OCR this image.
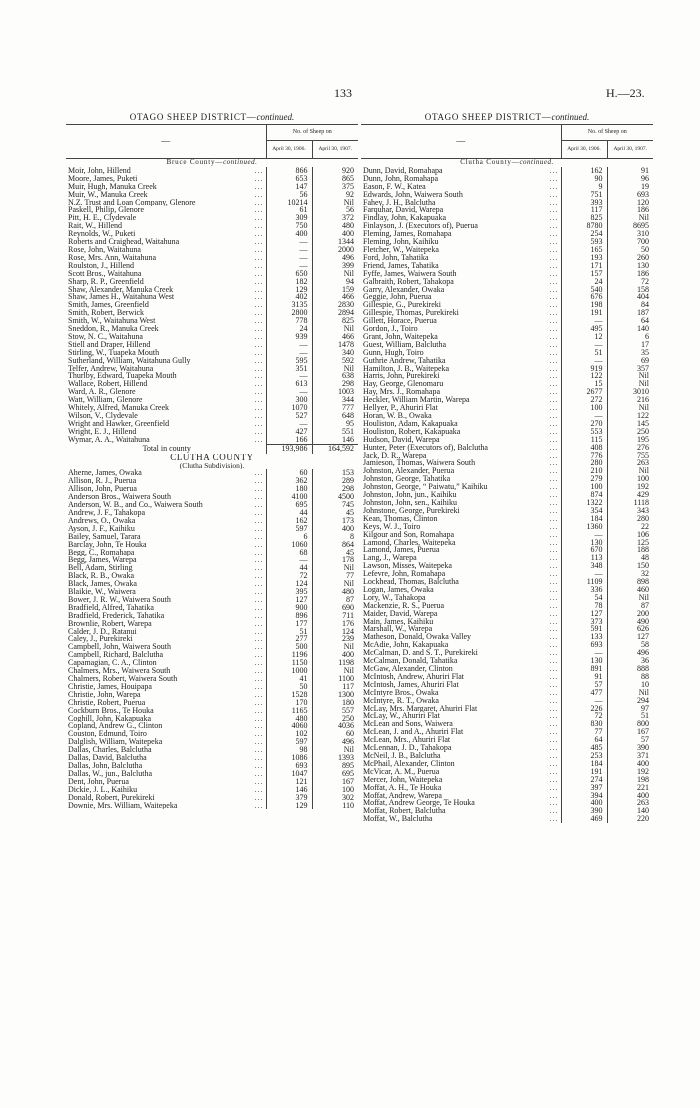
133	H.—23.
OTAGO SHEEP DISTRICT—continued.
—	No. of Sheep on	
	April 30, 1906.	April 30, 1907.
Bruce County—continued.		
Moir, John, Hillend ...	866	920
Moore, James, Puketi ...	653	865
Muir, Hugh, Manuka Creek ...	147	375
Muir, W., Manuka Creek ...	56	92
N.Z. Trust and Loan Company, Glenore ...	10214	Nil
Paskell, Philip, Glenore ...	61	56
Pitt, H. E., Clydevale ...	309	372
Rait, W., Hillend ...	750	480
Reynolds, W., Puketi ...	400	400
Roberts and Craighead, Waitahuna ...	—	1344
Rose, John, Waitahuna ...	—	2000
Rose, Mrs. Ann, Waitahuna ...	—	496
Roulston, J., Hillend ...	—	399
Scott Bros., Waitahuna ...	650	Nil
Sharp, R. P., Greenfield ...	182	94
Shaw, Alexander, Manuka Creek ...	129	159
Shaw, James H., Waitahuna West ...	402	466
Smith, James, Greenfield ...	3135	2830
Smith, Robert, Berwick ...	2800	2894
Smith, W., Waitahuna West ...	778	825
Sneddon, R., Manuka Creek ...	24	Nil
Stow, N. C., Waitahuna ...	939	466
Stiell and Draper, Hillend ...	—	1478
Stirling, W., Tuapeka Mouth ...	—	340
Sutherland, William, Waitahuna Gully ...	595	592
Telfer, Andrew, Waitahuna ...	351	Nil
Thurlby, Edward, Tuapeka Mouth ...	—	638
Wallace, Robert, Hillend ...	613	298
Ward, A. R., Glenore ...	—	1003
Watt, William, Glenore ...	300	344
Whitely, Alfred, Manuka Creek ...	1070	777
Wilson, V., Clydevale ...	527	648
Wright and Hawker, Greenfield ...	—	95
Wright, E. J., Hillend ...	427	551
Wymar, A. A., Waitahuna ...	166	146
Total in county	193,986	164,592
CLUTHA COUNTY		
(Clutha Subdivision).		
Aherne, James, Owaka ...	60	153
Allison, R. J., Puerua ...	362	289
Allison, John, Puerua ...	180	298
Anderson Bros., Waiwera South ...	4100	4500
Anderson, W. B., and Co., Waiwera South ...	695	745
Andrew, J. F., Tahakopa ...	44	45
Andrews, O., Owaka ...	162	173
Ayson, J. F., Kaihiku ...	597	400
Bailey, Samuel, Tarara ...	6	8
Barclay, John, Te Houka ...	1060	864
Begg, C., Romahapa ...	68	45
Begg, James, Warepa ...	—	178
Bell, Adam, Stirling ...	44	Nil
Black, R. B., Owaka ...	72	77
Black, James, Owaka ...	124	Nil
Blaikie, W., Waiwera ...	395	480
Bower, J. R. W., Waiwera South ...	127	87
Bradfield, Alfred, Tahatika ...	900	690
Bradfield, Frederick, Tahatika ...	896	711
Brownlie, Robert, Warepa ...	177	176
Calder, J. D., Ratanui ...	51	124
Caley, J., Purekireki ...	277	239
Campbell, John, Waiwera South ...	500	Nil
Campbell, Richard, Balclutha ...	1196	400
Capamagian, C. A., Clinton ...	1150	1198
Chalmers, Mrs., Waiwera South ...	1000	Nil
Chalmers, Robert, Waiwera South ...	41	1100
Christie, James, Houipapa ...	50	117
Christie, John, Warepa ...	1528	1300
Christie, Robert, Puerua ...	170	180
Cockburn Bros., Te Houka ...	1165	557
Coghill, John, Kakapuaka ...	480	250
Copland, Andrew G., Clinton ...	4060	4036
Couston, Edmund, Toiro ...	102	60
Dalglish, William, Waitepeka ...	597	496
Dallas, Charles, Balclutha ...	98	Nil
Dallas, David, Balclutha ...	1086	1393
Dallas, John, Balclutha ...	693	895
Dallas, W., jun., Balclutha ...	1047	695
Dent, John, Puerua ...	121	167
Dickie, J. L., Kaihiku ...	146	100
Donald, Robert, Purekireki ...	379	302
Downie, Mrs. William, Waitepeka ...	129	110
OTAGO SHEEP DISTRICT—continued.
—	No. of Sheep on	
	April 30, 1906.	April 30, 1907.
Clutha County—continued.		
Dunn, David, Romahapa ...	162	91
Dunn, John, Romahapa ...	90	96
Eason, F. W., Katea ...	9	19
Edwards, John, Waiwera South ...	751	693
Fahey, J. H., Balclutha ...	393	120
Farquhar, David, Warepa ...	117	186
Findlay, John, Kakapuaka ...	825	Nil
Finlayson, J. (Executors of), Puerua ...	8780	8695
Fleming, James, Romahapa ...	254	310
Fleming, John, Kaihiku ...	593	700
Fletcher, W., Waitepeka ...	165	50
Ford, John, Tahatika ...	193	260
Friend, James, Tahatika ...	171	130
Fyffe, James, Waiwera South ...	157	186
Galbraith, Robert, Tahakopa ...	24	72
Garry, Alexander, Owaka ...	540	158
Geggie, John, Puerua ...	676	404
Gillespie, G., Purekireki ...	198	84
Gillespie, Thomas, Purekireki ...	191	187
Gillett, Horace, Puerua ...	—	64
Gordon, J., Toiro ...	495	140
Grant, John, Waitepeka ...	12	6
Guest, William, Balclutha ...	—	17
Gunn, Hugh, Toiro ...	51	35
Guthrie Andrew, Tahatika ...	—	69
Hamilton, J. B., Waitepeka ...	919	357
Harris, John, Purekireki ...	122	Nil
Hay, George, Glenomaru ...	15	Nil
Hay, Mrs. J., Romahapa ...	2677	3010
Heckler, William Martin, Warepa ...	272	216
Hellyer, P., Ahuriri Flat ...	100	Nil
Horan, W. B., Owaka ...	—	122
Houliston, Adam, Kakapuaka ...	270	145
Houliston, Robert, Kakapuaka ...	553	250
Hudson, David, Warepa ...	115	195
Hunter, Peter (Executors of), Balclutha ...	408	276
Jack, D. R., Warepa ...	776	755
Jamieson, Thomas, Waiwera South ...	280	263
Johnston, Alexander, Puerua ...	210	Nil
Johnston, George, Tahatika ...	279	100
Johnston, George, “ Paiwatu,” Kaihiku ...	100	192
Johnston, John, jun., Kaihiku ...	874	429
Johnston, John, sen., Kaihiku ...	1322	1118
Johnstone, George, Purekireki ...	354	343
Kean, Thomas, Clinton ...	184	280
Keys, W. J., Toiro ...	1360	22
Kilgour and Son, Romahapa ...	—	106
Lamond, Charles, Waitepeka ...	130	125
Lamond, James, Puerua ...	670	188
Lang, J., Warepa ...	113	48
Lawson, Misses, Waitepeka ...	348	150
Lefevre, John, Romahapa ...	—	32
Lockhead, Thomas, Balclutha ...	1109	898
Logan, James, Owaka ...	336	460
Lory, W., Tahakopa ...	54	Nil
Mackenzie, R. S., Puerua ...	78	87
Maider, David, Warepa ...	127	200
Main, James, Kaihiku ...	373	490
Marshall, W., Warepa ...	591	626
Matheson, Donald, Owaka Valley ...	133	127
McAdie, John, Kakapuaka ...	693	58
McCalman, D. and S. T., Purekireki ...	—	496
McCalman, Donald, Tahatika ...	130	36
McGaw, Alexander, Clinton ...	891	888
McIntosh, Andrew, Ahuriri Flat ...	91	88
McIntosh, James, Ahuriri Flat ...	57	10
McIntyre Bros., Owaka ...	477	Nil
McIntyre, R. T., Owaka ...	—	294
McLay, Mrs. Margaret, Ahuriri Flat ...	226	97
McLay, W., Ahuriri Flat ...	72	51
McLean and Sons, Waiwera ...	830	800
McLean, J. and A., Ahuriri Flat ...	77	167
McLean, Mrs., Ahuriri Flat ...	64	57
McLennan, J. D., Tahakopa ...	485	390
McNeil, J. B., Balclutha ...	253	371
McPhail, Alexander, Clinton ...	184	400
McVicar, A. M., Puerua ...	191	192
Mercer, John, Waitepeka ...	274	198
Moffat, A. H., Te Houka ...	397	221
Moffat, Andrew, Warepa ...	394	400
Moffat, Andrew George, Te Houka ...	400	263
Moffat, Robert, Balclutha ...	390	140
Moffat, W., Balclutha ...	469	220
